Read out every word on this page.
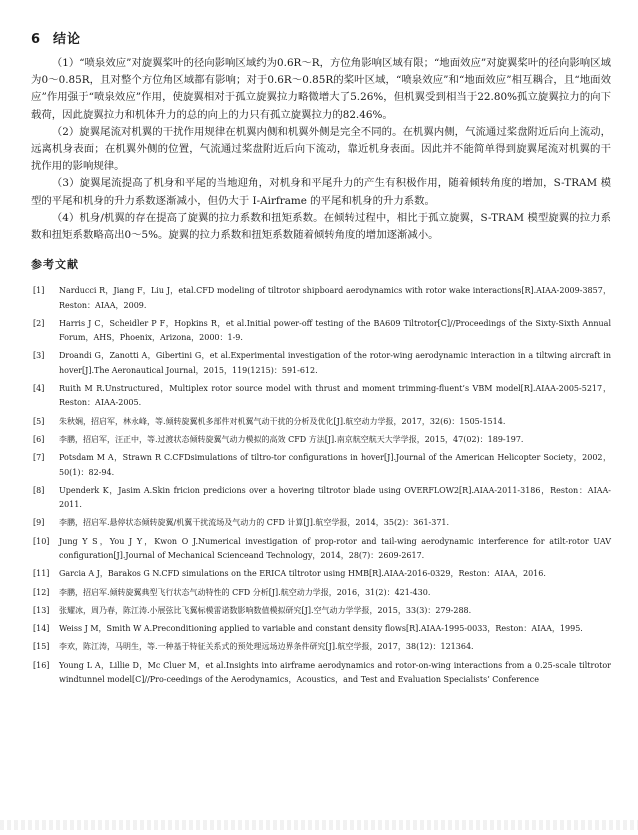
6 结论

（1）“喷泉效应”对旋翼桨叶的径向影响区域约为0.6R～R，方位角影响区域有限；“地面效应”对旋翼桨叶的径向影响区域为0～0.85R，且对整个方位角区域都有影响；对于0.6R～0.85R的桨叶区域，“喷泉效应”和“地面效应”相互耦合，且“地面效应”作用强于“喷泉效应”作用，使旋翼相对于孤立旋翼拉力略微增大了5.26%，但机翼受到相当于22.80%孤立旋翼拉力的向下载荷，因此旋翼拉力和机体升力的总的向上的力只有孤立旋翼拉力的82.46%。

（2）旋翼尾流对机翼的干扰作用规律在机翼内侧和机翼外侧是完全不同的。在机翼内侧，气流通过桨盘附近后向上流动，远离机身表面；在机翼外侧的位置，气流通过桨盘附近后向下流动，靠近机身表面。因此并不能简单得到旋翼尾流对机翼的干扰作用的影响规律。

（3）旋翼尾流提高了机身和平尾的当地迎角，对机身和平尾升力的产生有积极作用，随着倾转角度的增加，S-TRAM 模型的平尾和机身的升力系数逐渐减小，但仍大于 I-Airframe 的平尾和机身的升力系数。

（4）机身/机翼的存在提高了旋翼的拉力系数和扭矩系数。在倾转过程中，相比于孤立旋翼，S-TRAM 模型旋翼的拉力系数和扭矩系数略高出0～5%。旋翼的拉力系数和扭矩系数随着倾转角度的增加逐渐减小。

参考文献
[1]	Narducci R，Jiang F，Liu J，etal.CFD modeling of tiltrotor shipboard aerodynamics with rotor wake interactions[R].AIAA-2009-3857，Reston：AIAA，2009.
[2]	Harris J C，Scheidler P F，Hopkins R，et al.Initial power-off testing of the BA609 Tiltrotor[C]//Proceedings of the Sixty-Sixth Annual Forum，AHS，Phoenix，Arizona，2000：1-9.
[3]	Droandi G，Zanotti A，Gibertini G，et al.Experimental investigation of the rotor-wing aerodynamic interaction in a tiltwing aircraft in hover[J].The Aeronautical Journal，2015，119(1215)：591-612.
[4]	Ruith M R.Unstructured，Multiplex rotor source model with thrust and moment trimming-fluent’s VBM model[R].AIAA-2005-5217，Reston：AIAA-2005.
[5]	朱秋娴，招启军，林永峰，等.倾转旋翼机多部件对机翼气动干扰的分析及优化[J].航空动力学报，2017，32(6)：1505-1514.
[6]	李鹏，招启军，汪正中，等.过渡状态倾转旋翼气动力模拟的高效 CFD 方法[J].南京航空航天大学学报，2015，47(02)：189-197.
[7]	Potsdam M A，Strawn R C.CFDsimulations of tiltro-tor configurations in hover[J].Journal of the American Helicopter Society，2002，50(1)：82-94.
[8]	Upenderk K，Jasim A.Skin fricion predicions over a hovering tiltrotor blade using OVERFLOW2[R].AIAA-2011-3186，Reston：AIAA-2011.
[9]	李鹏，招启军.悬停状态倾转旋翼/机翼干扰流场及气动力的 CFD 计算[J].航空学报，2014，35(2)：361-371.
[10]	Jung Y S，You J Y，Kwon O J.Numerical investigation of prop-rotor and tail-wing aerodynamic interference for atilt-rotor UAV configuration[J].Journal of Mechanical Scienceand Technology，2014，28(7)：2609-2617.
[11]	Garcia A J，Barakos G N.CFD simulations on the ERICA tiltrotor using HMB[R].AIAA-2016-0329，Reston：AIAA，2016.
[12]	李鹏，招启军.倾转旋翼典型飞行状态气动特性的 CFD 分析[J].航空动力学报，2016，31(2)：421-430.
[13]	张耀冰，周乃春，陈江涛.小展弦比飞翼标模雷诺数影响数值模拟研究[J].空气动力学学报，2015，33(3)：279-288.
[14]	Weiss J M，Smith W A.Preconditioning applied to variable and constant density flows[R].AIAA-1995-0033，Reston：AIAA，1995.
[15]	李欢，陈江涛，马明生，等.一种基于特征关系式的预处理远场边界条件研究[J].航空学报，2017，38(12)：121364.
[16]	Young L A，Lillie D，Mc Cluer M，et al.Insights into airframe aerodynamics and rotor-on-wing interactions from a 0.25-scale tiltrotor windtunnel model[C]//Pro-ceedings of the Aerodynamics，Acoustics，and Test and Evaluation Specialists’ Conference
